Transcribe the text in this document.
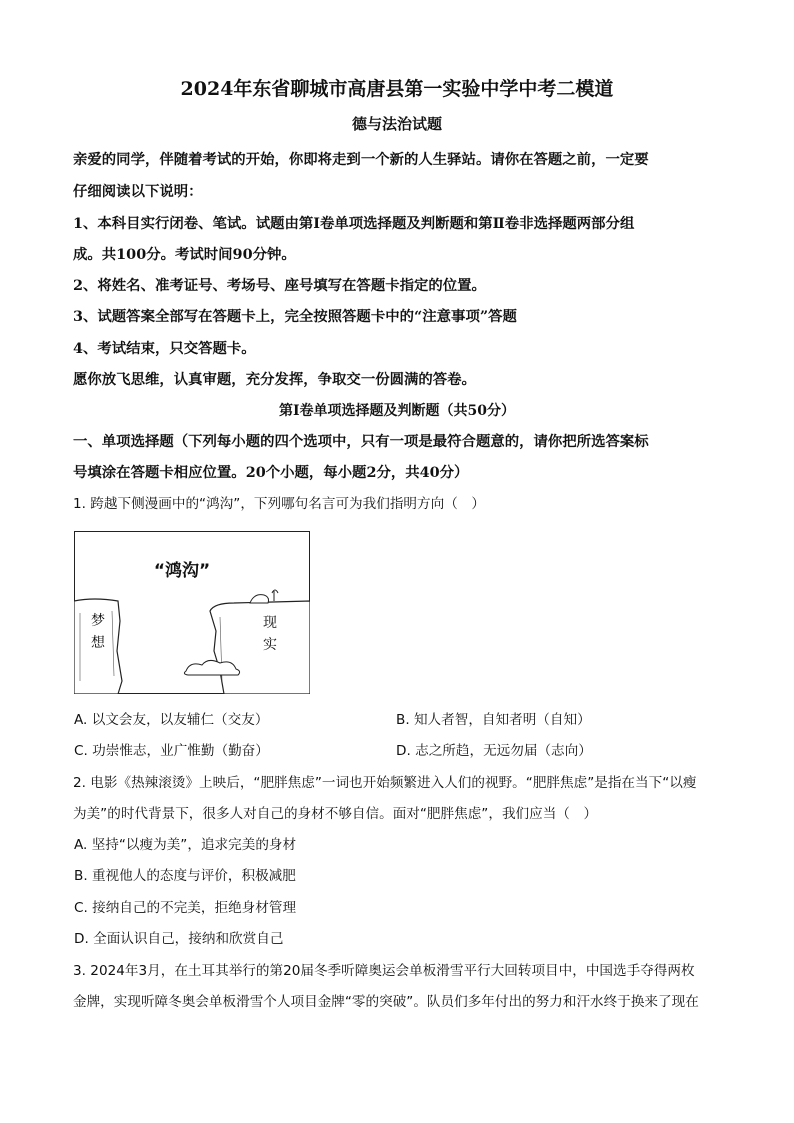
2024年东省聊城市高唐县第一实验中学中考二模道
德与法治试题
亲爱的同学，伴随着考试的开始，你即将走到一个新的人生驿站。请你在答题之前，一定要
仔细阅读以下说明：
1、本科目实行闭卷、笔试。试题由第Ⅰ卷单项选择题及判断题和第Ⅱ卷非选择题两部分组
成。共100分。考试时间90分钟。
2、将姓名、准考证号、考场号、座号填写在答题卡指定的位置。
3、试题答案全部写在答题卡上，完全按照答题卡中的“注意事项”答题
4、考试结束，只交答题卡。
愿你放飞思维，认真审题，充分发挥，争取交一份圆满的答卷。
第Ⅰ卷单项选择题及判断题（共50分）
一、单项选择题（下列每小题的四个选项中，只有一项是最符合题意的，请你把所选答案标
号填涂在答题卡相应位置。20个小题，每小题2分，共40分）
1. 跨越下侧漫画中的“鸿沟”，下列哪句名言可为我们指明方向（　）
“鸿沟”
梦
想
现
实
A. 以文会友，以友辅仁（交友）	B. 知人者智，自知者明（自知）
C. 功崇惟志，业广惟勤（勤奋）	D. 志之所趋，无远勿届（志向）
2. 电影《热辣滚烫》上映后，“肥胖焦虑”一词也开始频繁进入人们的视野。“肥胖焦虑”是指在当下“以瘦
为美”的时代背景下，很多人对自己的身材不够自信。面对“肥胖焦虑”，我们应当（　）
A. 坚持“以瘦为美”，追求完美的身材
B. 重视他人的态度与评价，积极减肥
C. 接纳自己的不完美，拒绝身材管理
D. 全面认识自己，接纳和欣赏自己
3. 2024年3月，在土耳其举行的第20届冬季听障奥运会单板滑雪平行大回转项目中，中国选手夺得两枚
金牌，实现听障冬奥会单板滑雪个人项目金牌“零的突破”。队员们多年付出的努力和汗水终于换来了现在
